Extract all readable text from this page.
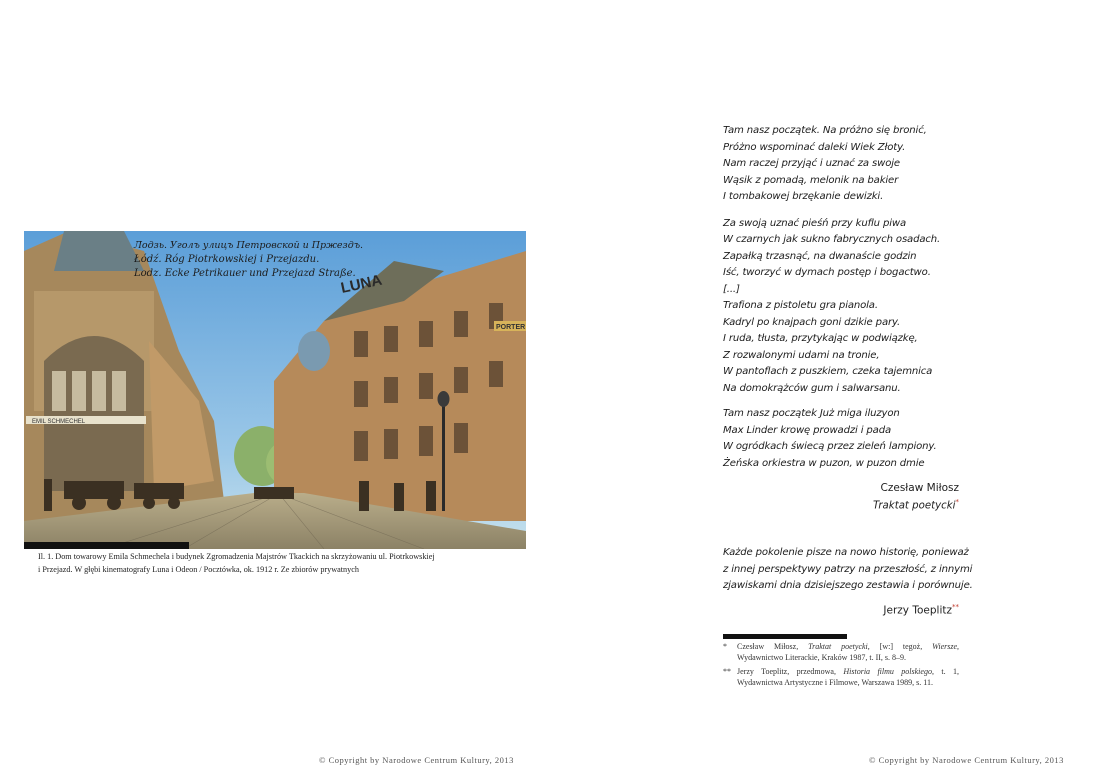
EMIL SCHMECHEL
LUNA
PORTER
Лодзь. Уголъ улицъ Петровской и Пржездъ.
Łódź. Róg Piotrkowskiej i Przejazdu.
Lodz. Ecke Petrikauer und Przejazd Straße.

Il. 1. Dom towarowy Emila Schmechela i budynek Zgromadzenia Majstrów Tkackich na skrzyżowaniu ul. Piotrkowskiej

i Przejazd. W głębi kinematografy Luna i Odeon / Pocztówka, ok. 1912 r. Ze zbiorów prywatnych

Tam nasz początek. Na próżno się bronić,
Próżno wspominać daleki Wiek Złoty.
Nam raczej przyjąć i uznać za swoje
Wąsik z pomadą, melonik na bakier
I tombakowej brzękanie dewizki.
Za swoją uznać pieśń przy kuflu piwa
W czarnych jak sukno fabrycznych osadach.
Zapałką trzasnąć, na dwanaście godzin
Iść, tworzyć w dymach postęp i bogactwo.
[...]
Trafiona z pistoletu gra pianola.
Kadryl po knajpach goni dzikie pary.
I ruda, tłusta, przytykając w podwiązkę,
Z rozwalonymi udami na tronie,
W pantoflach z puszkiem, czeka tajemnica
Na domokrążców gum i salwarsanu.
Tam nasz początek Już miga iluzyon
Max Linder krowę prowadzi i pada
W ogródkach świecą przez zieleń lampiony.
Żeńska orkiestra w puzon, w puzon dmie
Czesław Miłosz
Traktat poetycki*
Każde pokolenie pisze na nowo historię, ponieważ
z innej perspektywy patrzy na przeszłość, z innymi
zjawiskami dnia dzisiejszego zestawia i porównuje.
Jerzy Toeplitz**
* Czesław Miłosz, Traktat poetycki, [w:] tegoż, Wiersze, Wydawnictwo Literackie, Kraków 1987, t. II, s. 8–9.
** Jerzy Toeplitz, przedmowa, Historia filmu polskiego, t. 1, Wydawnictwa Artystyczne i Filmowe, Warszawa 1989, s. 11.
© Copyright by Narodowe Centrum Kultury, 2013	© Copyright by Narodowe Centrum Kultury, 2013
